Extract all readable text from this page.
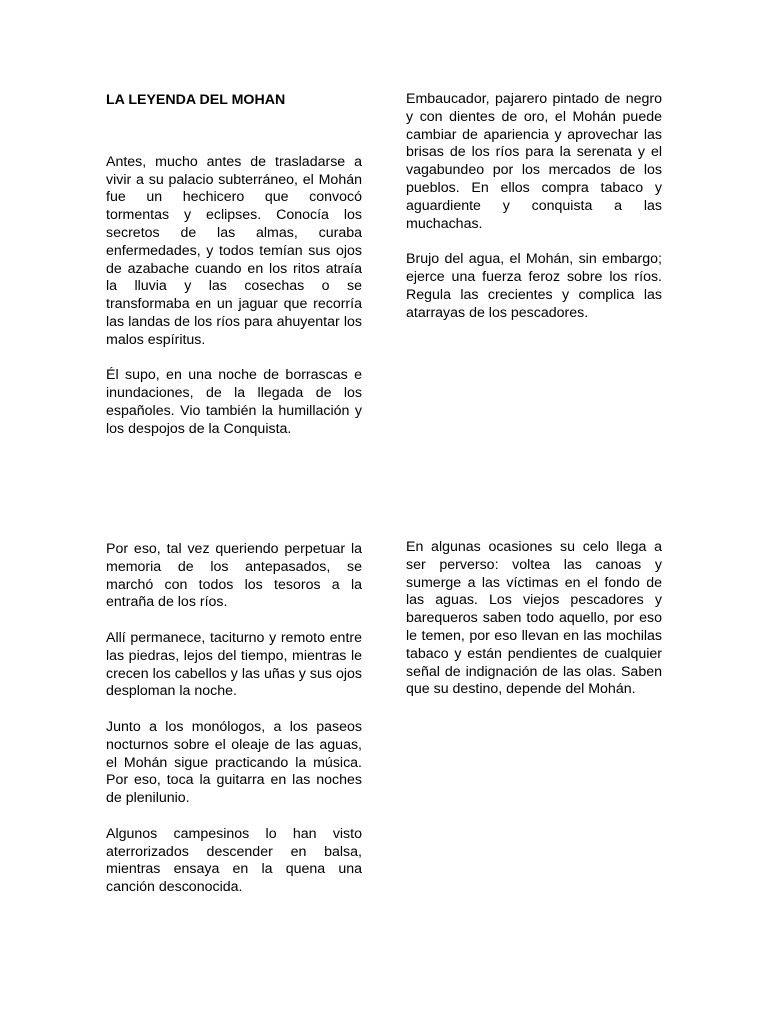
LA LEYENDA DEL MOHAN

Antes, mucho antes de trasladarse a vivir a su palacio subterráneo, el Mohán fue un hechicero que convocó tormentas y eclipses. Conocía los secretos de las almas, curaba enfermedades, y todos temían sus ojos de azabache cuando en los ritos atraía la lluvia y las cosechas o se transformaba en un jaguar que recorría las landas de los ríos para ahuyentar los malos espíritus.

Él supo, en una noche de borrascas e inundaciones, de la llegada de los españoles. Vio también la humillación y los despojos de la Conquista.

Embaucador, pajarero pintado de negro y con dientes de oro, el Mohán puede cambiar de apariencia y aprovechar las brisas de los ríos para la serenata y el vagabundeo por los mercados de los pueblos. En ellos compra tabaco y aguardiente y conquista a las muchachas.

Brujo del agua, el Mohán, sin embargo; ejerce una fuerza feroz sobre los ríos. Regula las crecientes y complica las atarrayas de los pescadores.

Por eso, tal vez queriendo perpetuar la memoria de los antepasados, se marchó con todos los tesoros a la entraña de los ríos.

Allí permanece, taciturno y remoto entre las piedras, lejos del tiempo, mientras le crecen los cabellos y las uñas y sus ojos desploman la noche.

Junto a los monólogos, a los paseos nocturnos sobre el oleaje de las aguas, el Mohán sigue practicando la música. Por eso, toca la guitarra en las noches de plenilunio.

Algunos campesinos lo han visto aterrorizados descender en balsa, mientras ensaya en la quena una canción desconocida.

En algunas ocasiones su celo llega a ser perverso: voltea las canoas y sumerge a las víctimas en el fondo de las aguas. Los viejos pescadores y barequeros saben todo aquello, por eso le temen, por eso llevan en las mochilas tabaco y están pendientes de cualquier señal de indignación de las olas. Saben que su destino, depende del Mohán.
